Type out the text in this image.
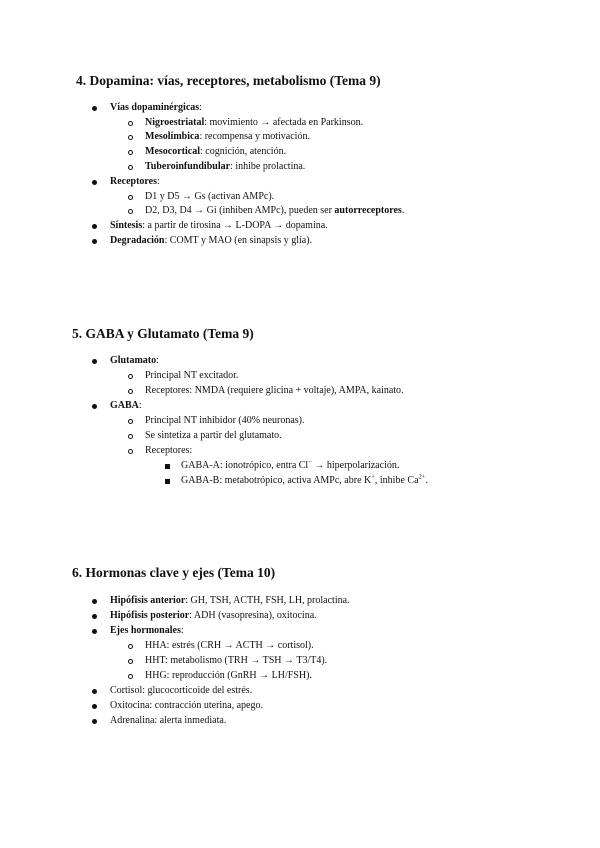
4. Dopamina: vías, receptores, metabolismo (Tema 9)
Vías dopaminérgicas:
Nigroestriatal: movimiento → afectada en Parkinson.
Mesolímbica: recompensa y motivación.
Mesocortical: cognición, atención.
Tuberoinfundibular: inhibe prolactina.
Receptores:
D1 y D5 → Gs (activan AMPc).
D2, D3, D4 → Gi (inhiben AMPc), pueden ser autorreceptores.
Síntesis: a partir de tirosina → L-DOPA → dopamina.
Degradación: COMT y MAO (en sinapsis y glía).
5. GABA y Glutamato (Tema 9)
Glutamato:
Principal NT excitador.
Receptores: NMDA (requiere glicina + voltaje), AMPA, kainato.
GABA:
Principal NT inhibidor (40% neuronas).
Se sintetiza a partir del glutamato.
Receptores:
GABA-A: ionotrópico, entra Cl− → hiperpolarización.
GABA-B: metabotrópico, activa AMPc, abre K+, inhibe $Ca^{2+}$.
6. Hormonas clave y ejes (Tema 10)
Hipófisis anterior: GH, TSH, ACTH, FSH, LH, prolactina.
Hipófisis posterior: ADH (vasopresina), oxitocina.
Ejes hormonales:
HHA: estrés (CRH → ACTH → cortisol).
HHT: metabolismo (TRH → TSH → T3/T4).
HHG: reproducción (GnRH → LH/FSH).
Cortisol: glucocorticoide del estrés.
Oxitocina: contracción uterina, apego.
Adrenalina: alerta inmediata.
